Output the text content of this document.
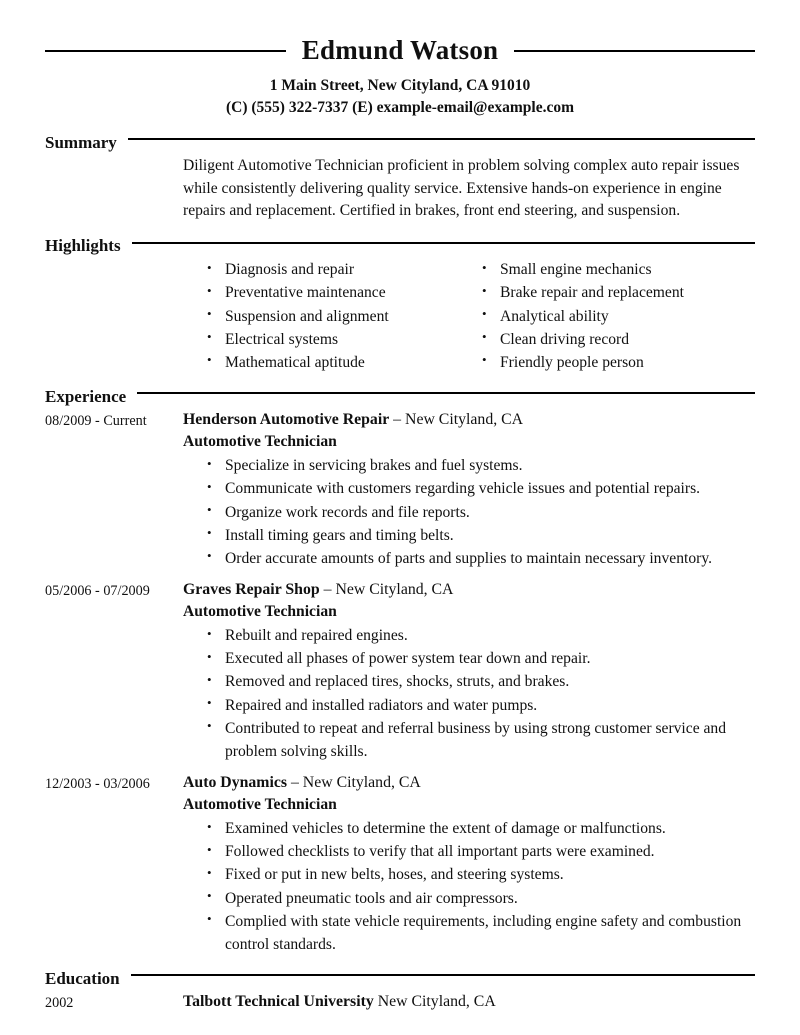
Edmund Watson
1 Main Street, New Cityland, CA 91010
(C) (555) 322-7337 (E) example-email@example.com
Summary
Diligent Automotive Technician proficient in problem solving complex auto repair issues while consistently delivering quality service. Extensive hands-on experience in engine repairs and replacement. Certified in brakes, front end steering, and suspension.
Highlights
• Diagnosis and repair
• Preventative maintenance
• Suspension and alignment
• Electrical systems
• Mathematical aptitude
• Small engine mechanics
• Brake repair and replacement
• Analytical ability
• Clean driving record
• Friendly people person
Experience
08/2009 - Current	Henderson Automotive Repair – New Cityland, CA
Automotive Technician
• Specialize in servicing brakes and fuel systems.
• Communicate with customers regarding vehicle issues and potential repairs.
• Organize work records and file reports.
• Install timing gears and timing belts.
• Order accurate amounts of parts and supplies to maintain necessary inventory.
05/2006 - 07/2009	Graves Repair Shop – New Cityland, CA
Automotive Technician
• Rebuilt and repaired engines.
• Executed all phases of power system tear down and repair.
• Removed and replaced tires, shocks, struts, and brakes.
• Repaired and installed radiators and water pumps.
• Contributed to repeat and referral business by using strong customer service and problem solving skills.
12/2003 - 03/2006	Auto Dynamics – New Cityland, CA
Automotive Technician
• Examined vehicles to determine the extent of damage or malfunctions.
• Followed checklists to verify that all important parts were examined.
• Fixed or put in new belts, hoses, and steering systems.
• Operated pneumatic tools and air compressors.
• Complied with state vehicle requirements, including engine safety and combustion control standards.
Education
2002	Talbott Technical University New Cityland, CA
